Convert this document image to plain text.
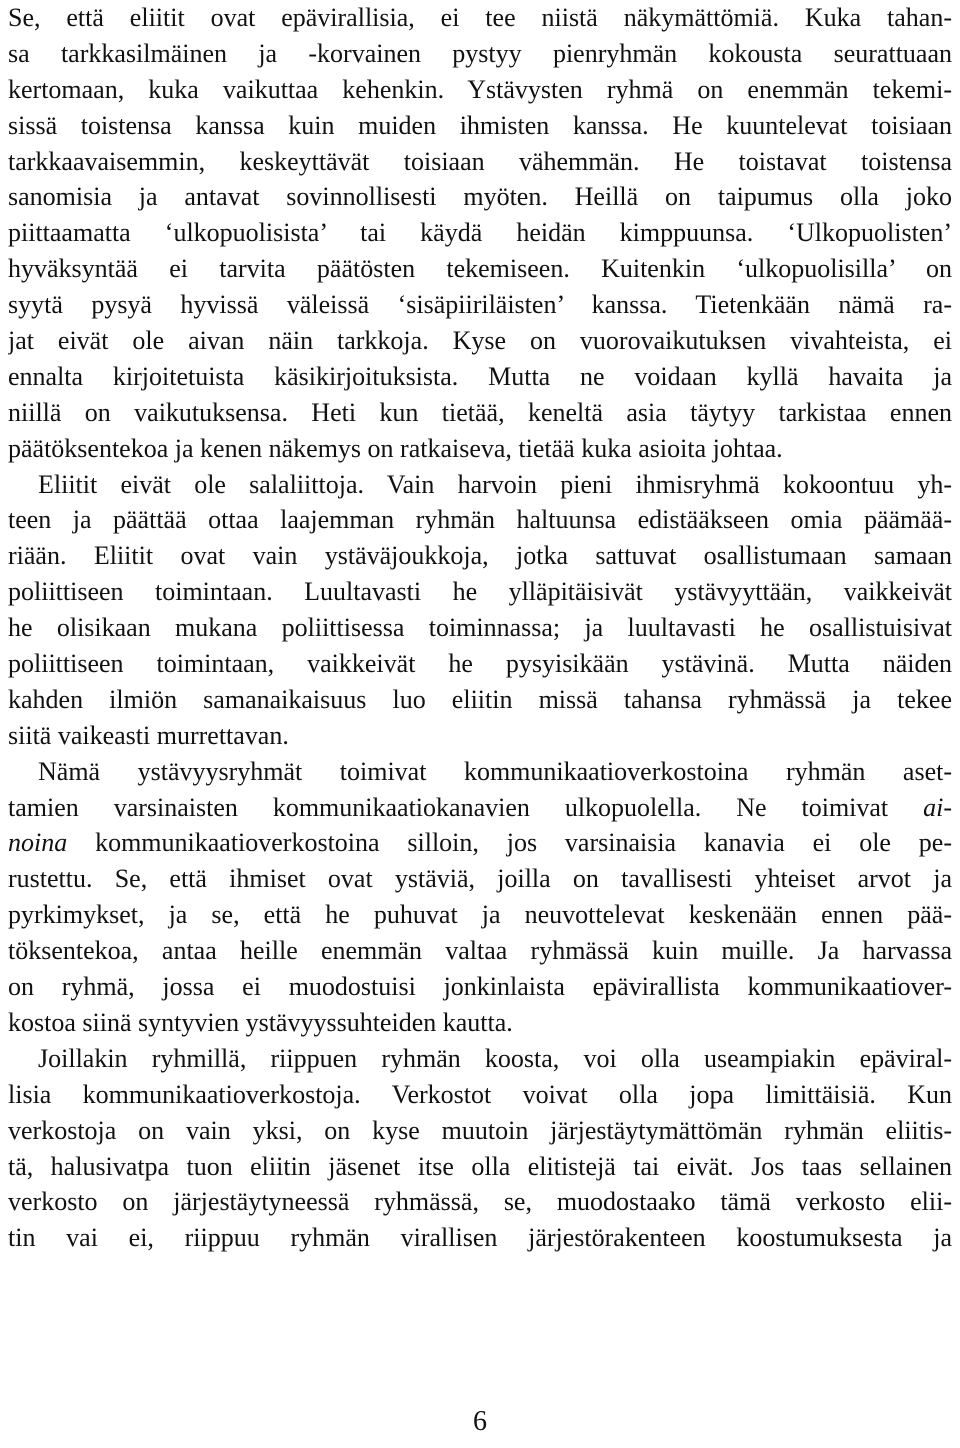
Se, että eliitit ovat epävirallisia, ei tee niistä näkymättömiä. Kuka tahan-
sa tarkkasilmäinen ja -korvainen pystyy pienryhmän kokousta seurattuaan
kertomaan, kuka vaikuttaa kehenkin. Ystävysten ryhmä on enemmän tekemi-
sissä toistensa kanssa kuin muiden ihmisten kanssa. He kuuntelevat toisiaan
tarkkaavaisemmin, keskeyttävät toisiaan vähemmän. He toistavat toistensa
sanomisia ja antavat sovinnollisesti myöten. Heillä on taipumus olla joko
piittaamatta ‘ulkopuolisista’ tai käydä heidän kimppuunsa. ‘Ulkopuolisten’
hyväksyntää ei tarvita päätösten tekemiseen. Kuitenkin ‘ulkopuolisilla’ on
syytä pysyä hyvissä väleissä ‘sisäpiiriläisten’ kanssa. Tietenkään nämä ra-
jat eivät ole aivan näin tarkkoja. Kyse on vuorovaikutuksen vivahteista, ei
ennalta kirjoitetuista käsikirjoituksista. Mutta ne voidaan kyllä havaita ja
niillä on vaikutuksensa. Heti kun tietää, keneltä asia täytyy tarkistaa ennen
päätöksentekoa ja kenen näkemys on ratkaiseva, tietää kuka asioita johtaa.
Eliitit eivät ole salaliittoja. Vain harvoin pieni ihmisryhmä kokoontuu yh-
teen ja päättää ottaa laajemman ryhmän haltuunsa edistääkseen omia päämää-
riään. Eliitit ovat vain ystäväjoukkoja, jotka sattuvat osallistumaan samaan
poliittiseen toimintaan. Luultavasti he ylläpitäisivät ystävyyttään, vaikkeivät
he olisikaan mukana poliittisessa toiminnassa; ja luultavasti he osallistuisivat
poliittiseen toimintaan, vaikkeivät he pysyisikään ystävinä. Mutta näiden
kahden ilmiön samanaikaisuus luo eliitin missä tahansa ryhmässä ja tekee
siitä vaikeasti murrettavan.
Nämä ystävyysryhmät toimivat kommunikaatioverkostoina ryhmän aset-
tamien varsinaisten kommunikaatiokanavien ulkopuolella. Ne toimivat ai-
noina kommunikaatioverkostoina silloin, jos varsinaisia kanavia ei ole pe-
rustettu. Se, että ihmiset ovat ystäviä, joilla on tavallisesti yhteiset arvot ja
pyrkimykset, ja se, että he puhuvat ja neuvottelevat keskenään ennen pää-
töksentekoa, antaa heille enemmän valtaa ryhmässä kuin muille. Ja harvassa
on ryhmä, jossa ei muodostuisi jonkinlaista epävirallista kommunikaatiover-
kostoa siinä syntyvien ystävyyssuhteiden kautta.
Joillakin ryhmillä, riippuen ryhmän koosta, voi olla useampiakin epäviral-
lisia kommunikaatioverkostoja. Verkostot voivat olla jopa limittäisiä. Kun
verkostoja on vain yksi, on kyse muutoin järjestäytymättömän ryhmän eliitis-
tä, halusivatpa tuon eliitin jäsenet itse olla elitistejä tai eivät. Jos taas sellainen
verkosto on järjestäytyneessä ryhmässä, se, muodostaako tämä verkosto elii-
tin vai ei, riippuu ryhmän virallisen järjestörakenteen koostumuksesta ja
6
